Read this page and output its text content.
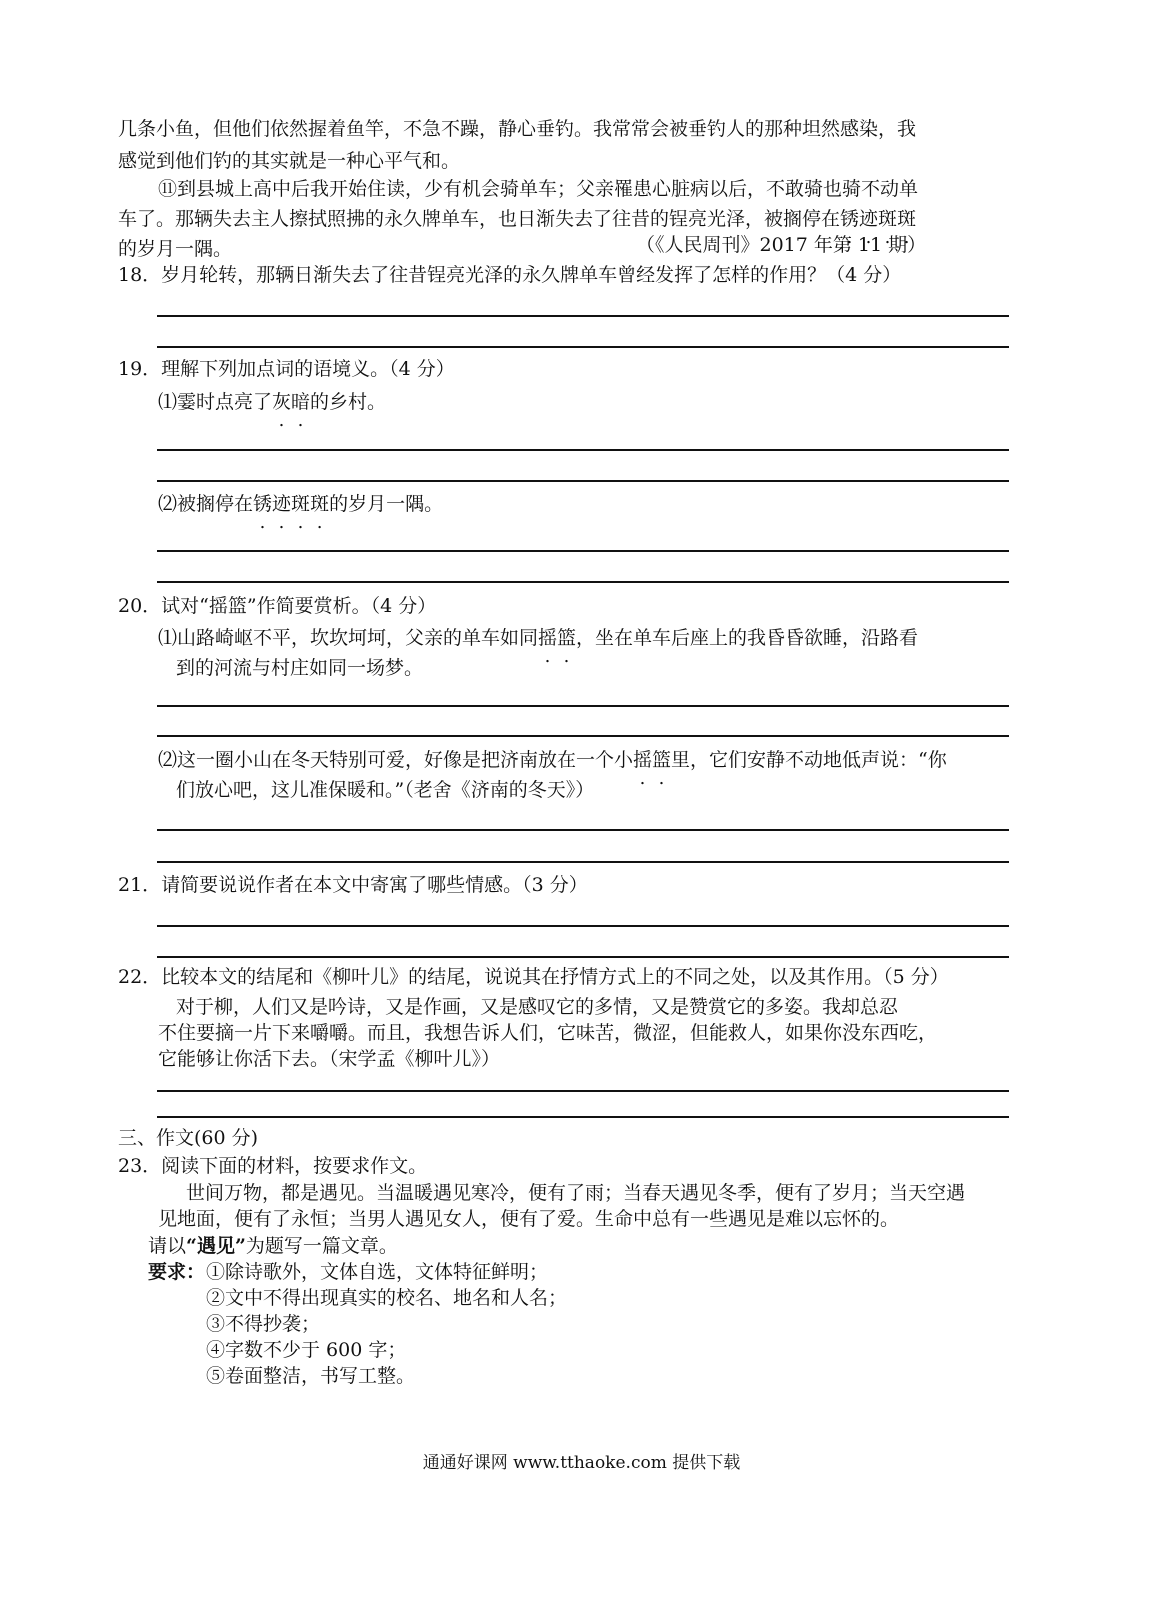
几条小鱼，但他们依然握着鱼竿，不急不躁，静心垂钓。我常常会被垂钓人的那种坦然感染，我
感觉到他们钓的其实就是一种心平气和。
⑪到县城上高中后我开始住读，少有机会骑单车；父亲罹患心脏病以后，不敢骑也骑不动单
车了。那辆失去主人擦拭照拂的永久牌单车，也日渐失去了往昔的锃亮光泽，被搁停在锈迹斑斑
的岁月一隅。	（《人民周刊》2017 年第 11 期）
18．岁月轮转，那辆日渐失去了往昔锃亮光泽的永久牌单车曾经发挥了怎样的作用？（4 分）
19．理解下列加点词的语境义。（4 分）
⑴霎时点亮了灰暗的乡村。
⑵被搁停在锈迹斑斑的岁月一隅。
20．试对“摇篮”作简要赏析。（4 分）
⑴山路崎岖不平，坎坎坷坷，父亲的单车如同摇篮，坐在单车后座上的我昏昏欲睡，沿路看
到的河流与村庄如同一场梦。
⑵这一圈小山在冬天特别可爱，好像是把济南放在一个小摇篮里，它们安静不动地低声说：“你
们放心吧，这儿准保暖和。”（老舍《济南的冬天》）
21．请简要说说作者在本文中寄寓了哪些情感。（3 分）
22．比较本文的结尾和《柳叶儿》的结尾，说说其在抒情方式上的不同之处，以及其作用。（5 分）
对于柳，人们又是吟诗，又是作画，又是感叹它的多情，又是赞赏它的多姿。我却总忍
不住要摘一片下来嚼嚼。而且，我想告诉人们，它味苦，微涩，但能救人，如果你没东西吃，
它能够让你活下去。（宋学孟《柳叶儿》）
三、作文(60 分)
23．阅读下面的材料，按要求作文。
世间万物，都是遇见。当温暖遇见寒冷，便有了雨；当春天遇见冬季，便有了岁月；当天空遇
见地面，便有了永恒；当男人遇见女人，便有了爱。生命中总有一些遇见是难以忘怀的。
请以“遇见”为题写一篇文章。
要求： ①除诗歌外，文体自选，文体特征鲜明；
②文中不得出现真实的校名、地名和人名；
③不得抄袭；
④字数不少于 600 字；
⑤卷面整洁，书写工整。
通通好课网 www.tthaoke.com 提供下载
